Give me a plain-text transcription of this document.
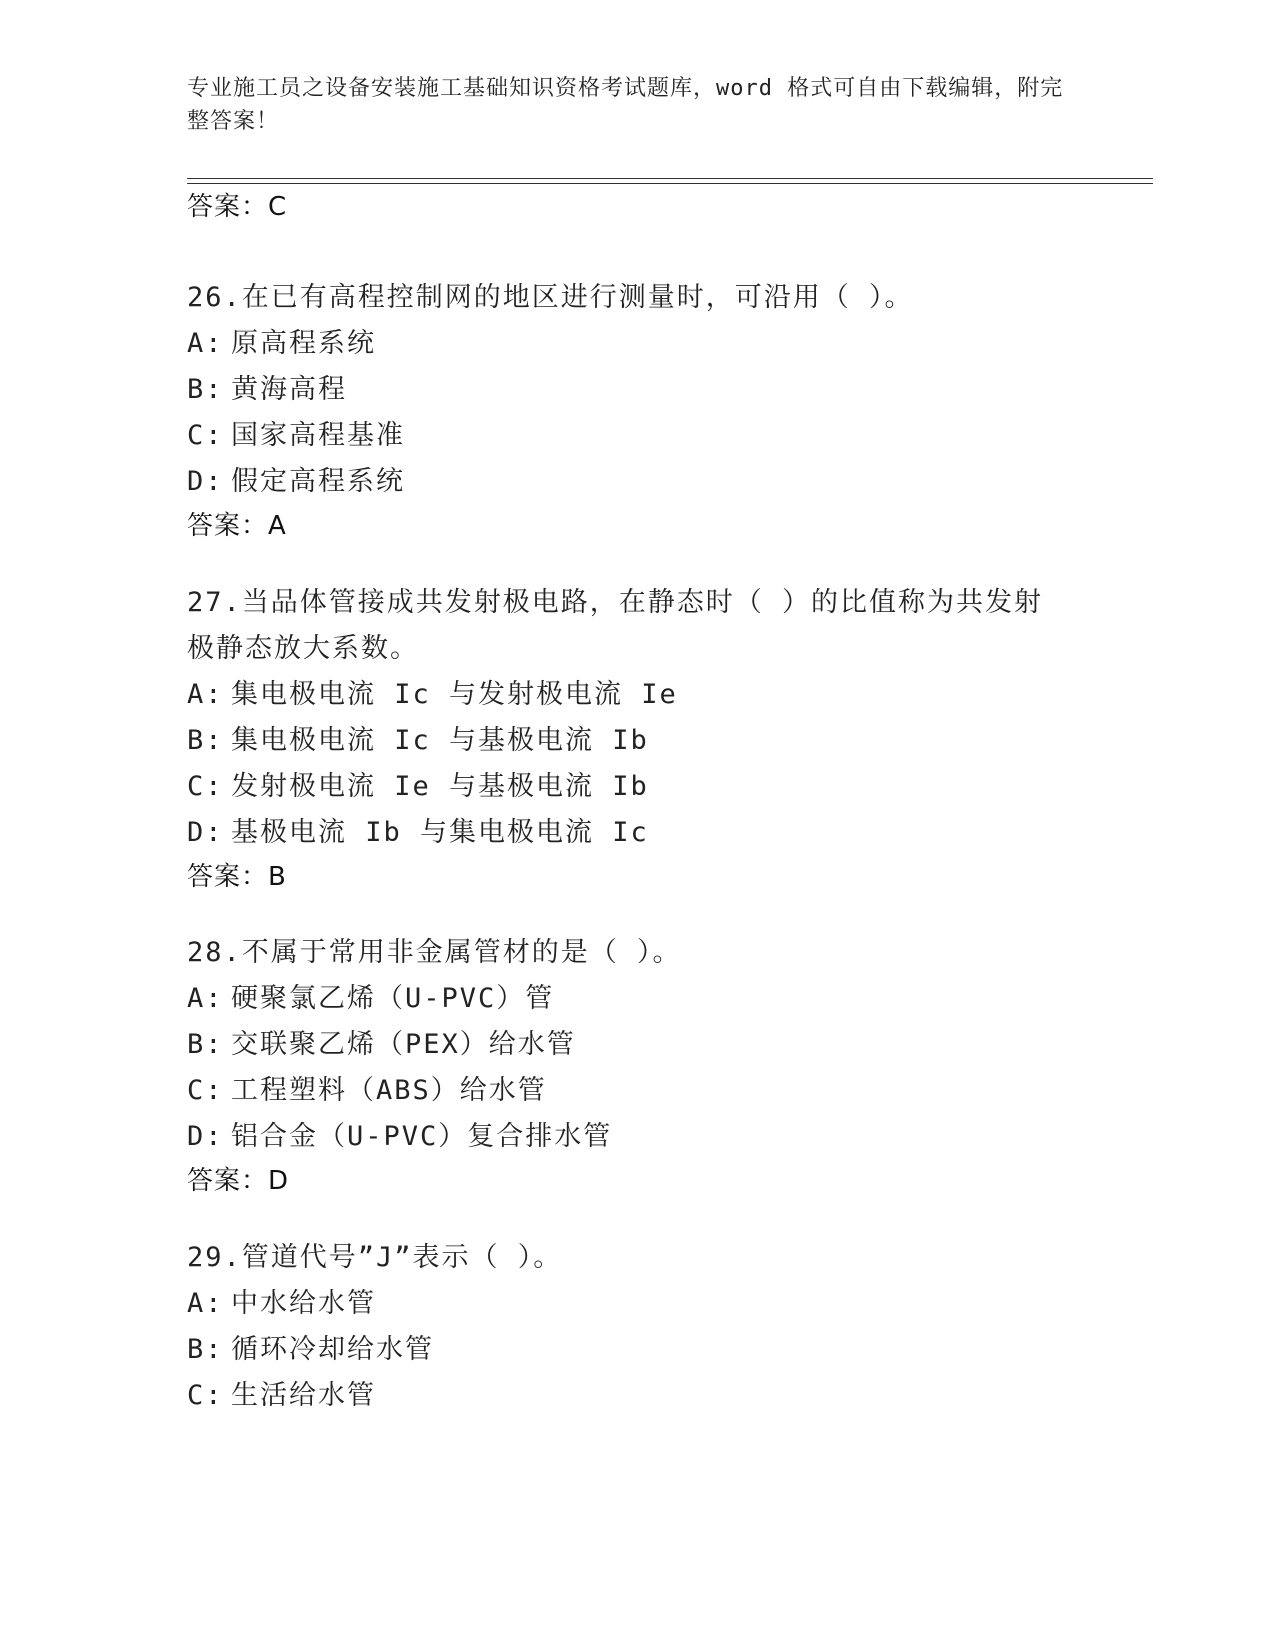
专业施工员之设备安装施工基础知识资格考试题库，word 格式可自由下载编辑，附完整答案！
答案：C

26.在已有高程控制网的地区进行测量时，可沿用（ ）。

A: 原高程系统

B: 黄海高程

C: 国家高程基准

D: 假定高程系统

答案：A

27.当品体管接成共发射极电路，在静态时（ ）的比值称为共发射极静态放大系数。

A: 集电极电流 Ic 与发射极电流 Ie

B: 集电极电流 Ic 与基极电流 Ib

C: 发射极电流 Ie 与基极电流 Ib

D: 基极电流 Ib 与集电极电流 Ic

答案：B

28.不属于常用非金属管材的是（ ）。

A: 硬聚氯乙烯（U-PVC）管

B: 交联聚乙烯（PEX）给水管

C: 工程塑料（ABS）给水管

D: 铝合金（U-PVC）复合排水管

答案：D

29.管道代号”J”表示（ ）。

A: 中水给水管

B: 循环冷却给水管

C: 生活给水管
